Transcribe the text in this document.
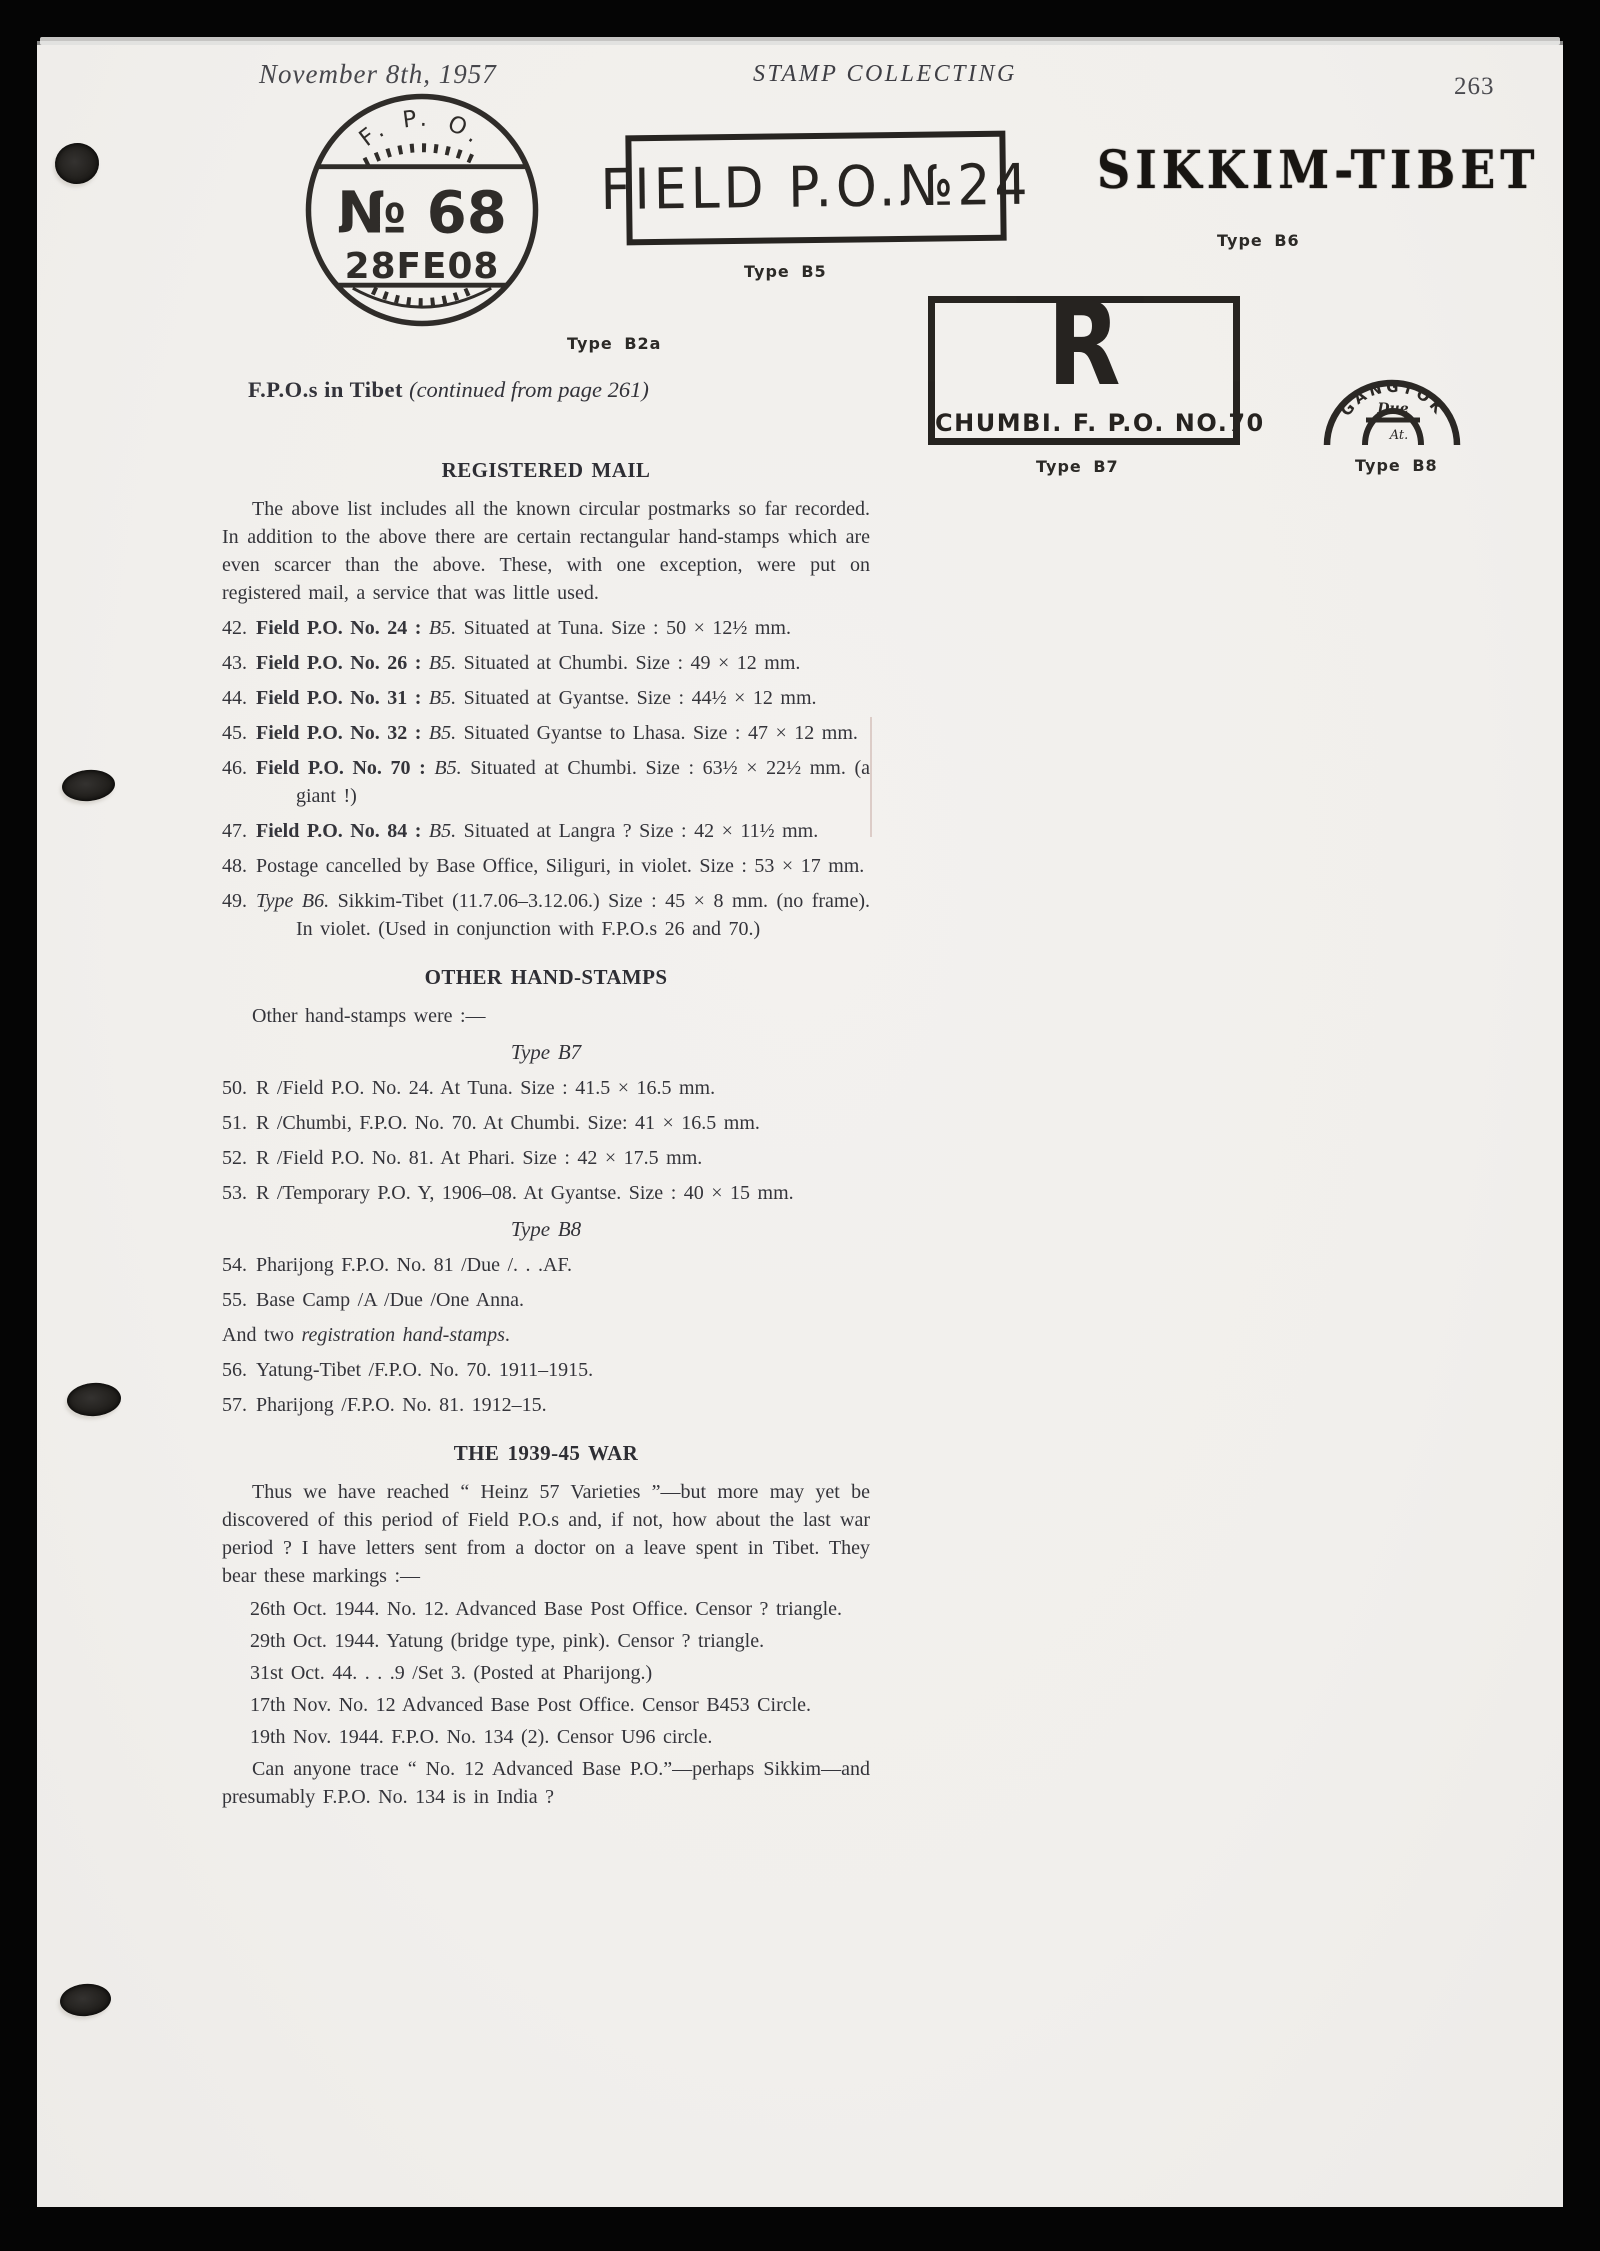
November 8th, 1957	STAMP COLLECTING	263
F. P. O.
№ 68
28FE08
Type B2a
FIELD P.O.№24
Type B5
SIKKIM-TIBET
Type B6
R
CHUMBI. F. P.O. NO.70
Type B7
GANGTOK
Due
At.
Type B8
F.P.O.s in Tibet (continued from page 261)
REGISTERED MAIL
The above list includes all the known circular postmarks so far recorded. In addition to the above there are certain rectangular hand-stamps which are even scarcer than the above. These, with one exception, were put on registered mail, a service that was little used.
42. Field P.O. No. 24 : B5. Situated at Tuna. Size : 50 × 12½ mm.
43. Field P.O. No. 26 : B5. Situated at Chumbi. Size : 49 × 12 mm.
44. Field P.O. No. 31 : B5. Situated at Gyantse. Size : 44½ × 12 mm.
45. Field P.O. No. 32 : B5. Situated Gyantse to Lhasa. Size : 47 × 12 mm.
46. Field P.O. No. 70 : B5. Situated at Chumbi. Size : 63½ × 22½ mm. (a giant !)
47. Field P.O. No. 84 : B5. Situated at Langra ? Size : 42 × 11½ mm.
48. Postage cancelled by Base Office, Siliguri, in violet. Size : 53 × 17 mm.
49. Type B6. Sikkim-Tibet (11.7.06–3.12.06.) Size : 45 × 8 mm. (no frame). In violet. (Used in conjunction with F.P.O.s 26 and 70.)
OTHER HAND-STAMPS
Other hand-stamps were :—
Type B7
50. R /Field P.O. No. 24. At Tuna. Size : 41.5 × 16.5 mm.
51. R /Chumbi, F.P.O. No. 70. At Chumbi. Size: 41 × 16.5 mm.
52. R /Field P.O. No. 81. At Phari. Size : 42 × 17.5 mm.
53. R /Temporary P.O. Y, 1906–08. At Gyantse. Size : 40 × 15 mm.
Type B8
54. Pharijong F.P.O. No. 81 /Due /. . .AF.
55. Base Camp /A /Due /One Anna.
And two registration hand-stamps.
56. Yatung-Tibet /F.P.O. No. 70. 1911–1915.
57. Pharijong /F.P.O. No. 81. 1912–15.
THE 1939-45 WAR
Thus we have reached “ Heinz 57 Varieties ”—but more may yet be discovered of this period of Field P.O.s and, if not, how about the last war period ? I have letters sent from a doctor on a leave spent in Tibet. They bear these markings :—
26th Oct. 1944. No. 12. Advanced Base Post Office. Censor ? triangle.
29th Oct. 1944. Yatung (bridge type, pink). Censor ? triangle.
31st Oct. 44. . . .9 /Set 3. (Posted at Pharijong.)
17th Nov. No. 12 Advanced Base Post Office. Censor B453 Circle.
19th Nov. 1944. F.P.O. No. 134 (2). Censor U96 circle.
Can anyone trace “ No. 12 Advanced Base P.O.”—perhaps Sikkim—and presumably F.P.O. No. 134 is in India ?
